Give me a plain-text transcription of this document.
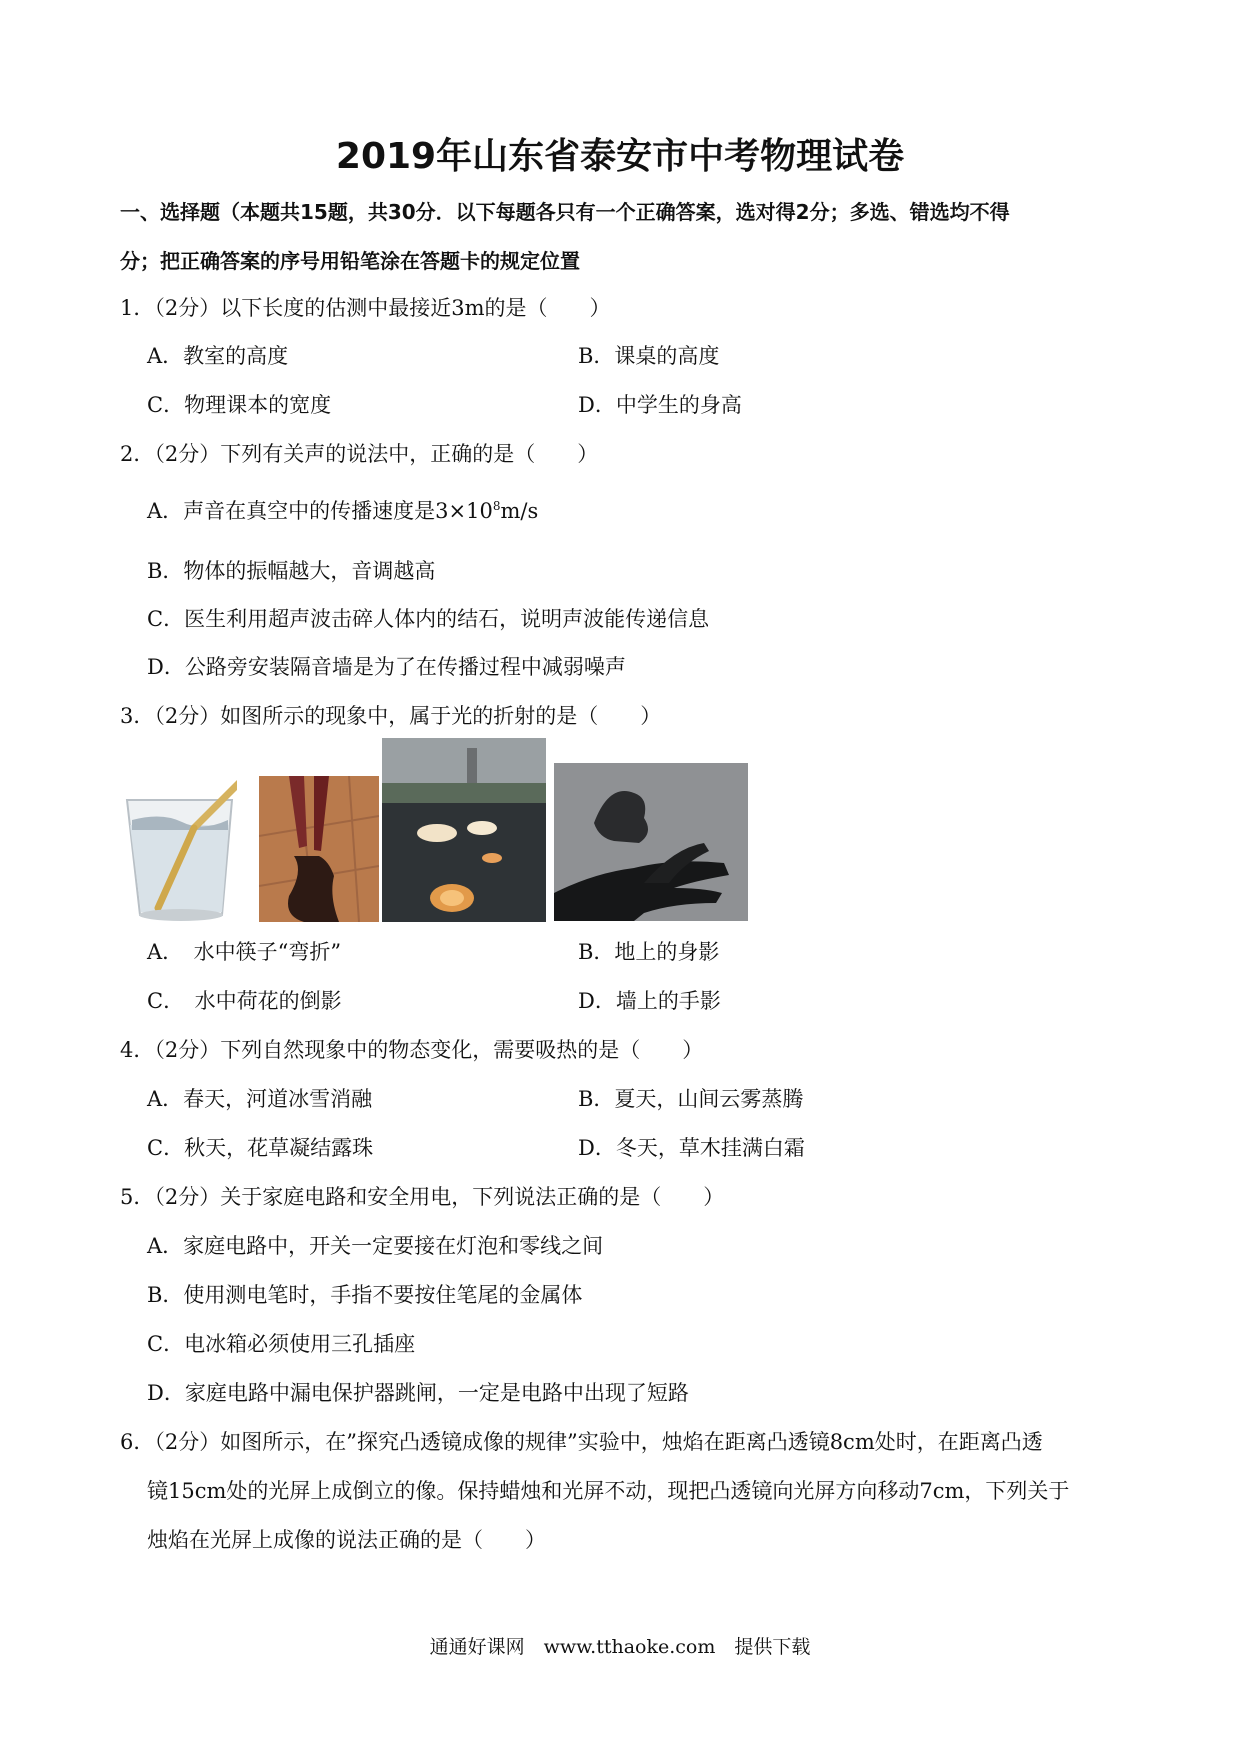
2019年山东省泰安市中考物理试卷
一、选择题（本题共15题，共30分．以下每题各只有一个正确答案，选对得2分；多选、错选均不得
分；把正确答案的序号用铅笔涂在答题卡的规定位置
1．（2分）以下长度的估测中最接近3m的是（　　）
A．教室的高度	B．课桌的高度
C．物理课本的宽度	D．中学生的身高
2．（2分）下列有关声的说法中，正确的是（　　）
A．声音在真空中的传播速度是$3\times 10^8m/s$
B．物体的振幅越大，音调越高
C．医生利用超声波击碎人体内的结石，说明声波能传递信息
D．公路旁安装隔音墙是为了在传播过程中减弱噪声
3．（2分）如图所示的现象中，属于光的折射的是（　　）
A．　水中筷子“弯折”	B．地上的身影
C．　水中荷花的倒影	D．墙上的手影
4．（2分）下列自然现象中的物态变化，需要吸热的是（　　）
A．春天，河道冰雪消融	B．夏天，山间云雾蒸腾
C．秋天，花草凝结露珠	D．冬天，草木挂满白霜
5．（2分）关于家庭电路和安全用电，下列说法正确的是（　　）
A．家庭电路中，开关一定要接在灯泡和零线之间
B．使用测电笔时，手指不要按住笔尾的金属体
C．电冰箱必须使用三孔插座
D．家庭电路中漏电保护器跳闸，一定是电路中出现了短路
6．（2分）如图所示，在”探究凸透镜成像的规律”实验中，烛焰在距离凸透镜8cm处时，在距离凸透
镜15cm处的光屏上成倒立的像。保持蜡烛和光屏不动，现把凸透镜向光屏方向移动7cm，下列关于
烛焰在光屏上成像的说法正确的是（　　）
通通好课网　www.tthaoke.com　提供下载
